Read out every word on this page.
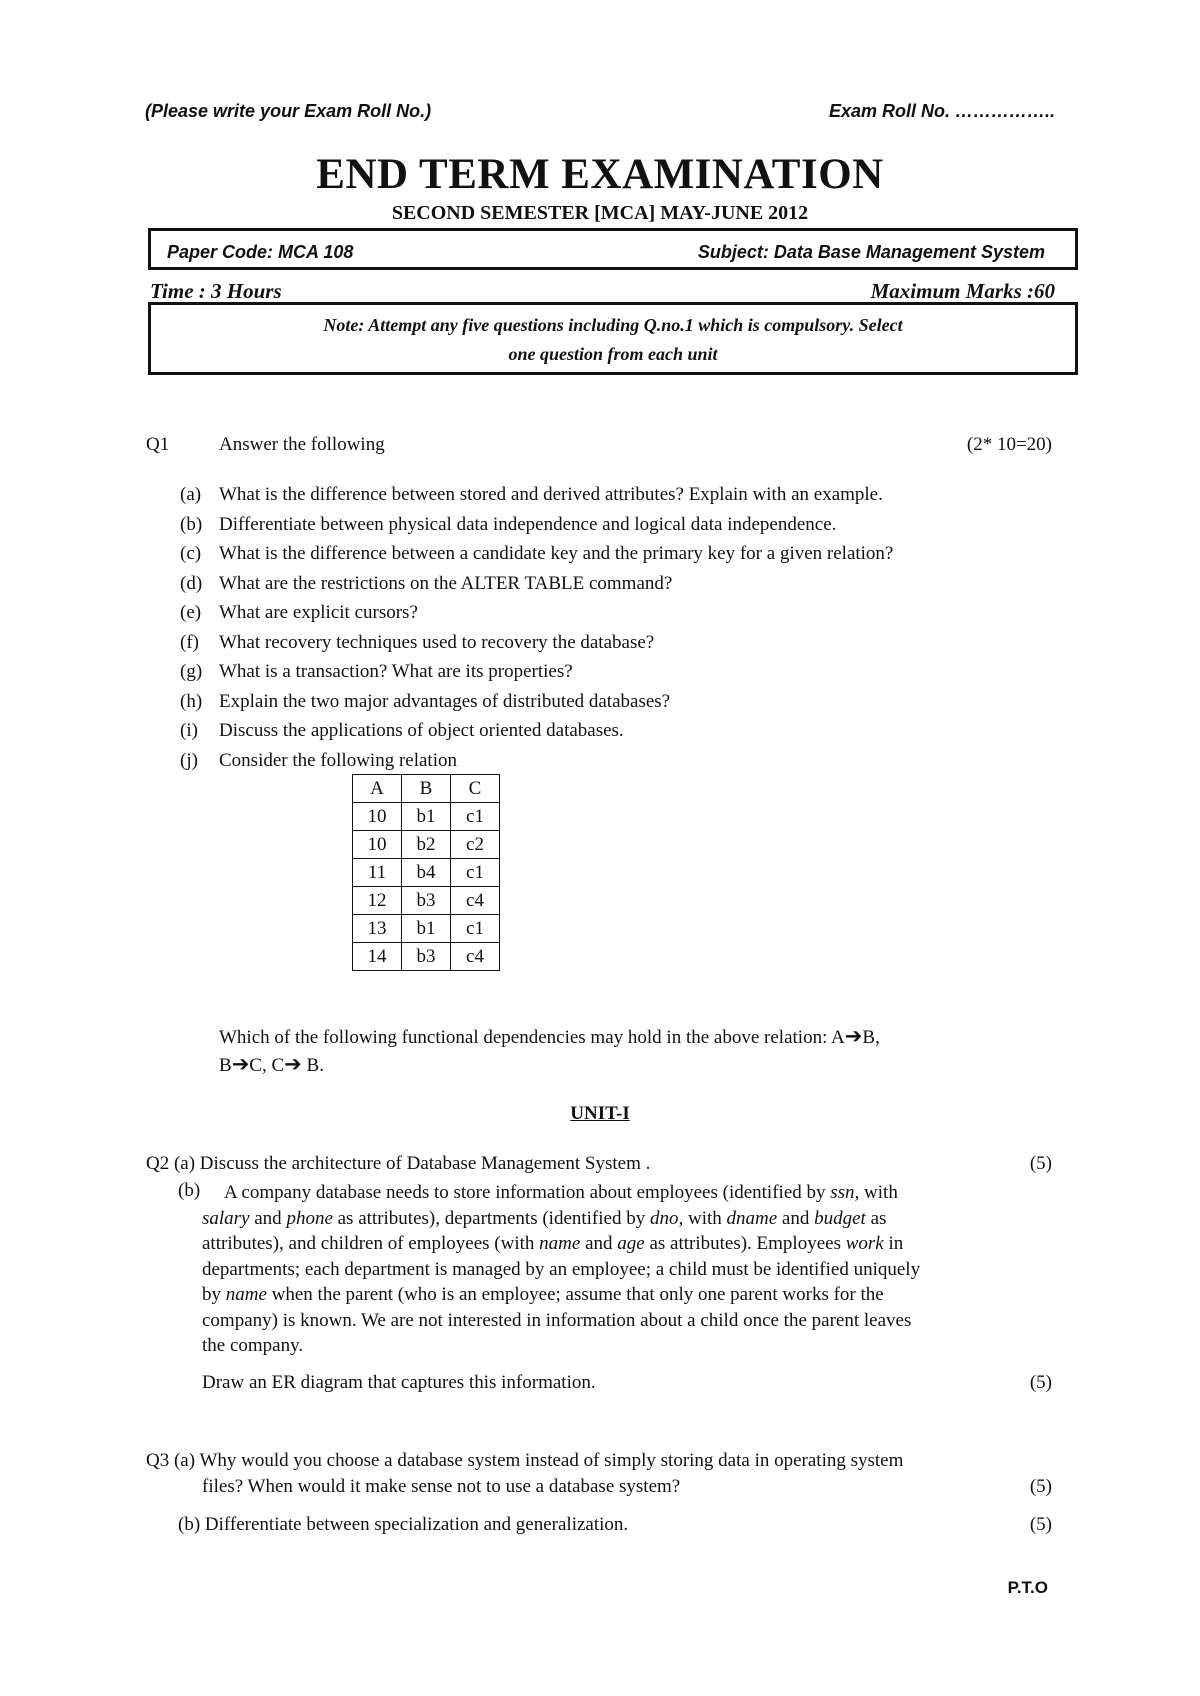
(Please write your Exam Roll No.)	Exam Roll No. ……………..
END TERM EXAMINATION
SECOND SEMESTER [MCA] MAY-JUNE 2012
Paper Code: MCA 108	Subject: Data Base Management System
Time : 3 Hours	Maximum Marks :60
Note: Attempt any five questions including Q.no.1 which is compulsory. Select
one question from each unit
Q1	Answer the following	(2* 10=20)
(a) What is the difference between stored and derived attributes? Explain with an example.
(b) Differentiate between physical data independence and logical data independence.
(c) What is the difference between a candidate key and the primary key for a given relation?
(d) What are the restrictions on the ALTER TABLE command?
(e) What are explicit cursors?
(f) What recovery techniques used to recovery the database?
(g) What is a transaction? What are its properties?
(h) Explain the two major advantages of distributed databases?
(i) Discuss the applications of object oriented databases.
(j) Consider the following relation
A	B	C
10	b1	c1
10	b2	c2
11	b4	c1
12	b3	c4
13	b1	c1
14	b3	c4
Which of the following functional dependencies may hold in the above relation: A➔B,
B➔C, C➔ B.
UNIT-I
Q2 (a) Discuss the architecture of Database Management System .	(5)
(b)	A company database needs to store information about employees (identified by ssn, with
salary and phone as attributes), departments (identified by dno, with dname and budget as
attributes), and children of employees (with name and age as attributes). Employees work in
departments; each department is managed by an employee; a child must be identified uniquely
by name when the parent (who is an employee; assume that only one parent works for the
company) is known. We are not interested in information about a child once the parent leaves
the company.
Draw an ER diagram that captures this information.	(5)
Q3 (a) Why would you choose a database system instead of simply storing data in operating system
files? When would it make sense not to use a database system?	(5)
(b) Differentiate between specialization and generalization.	(5)
P.T.O
